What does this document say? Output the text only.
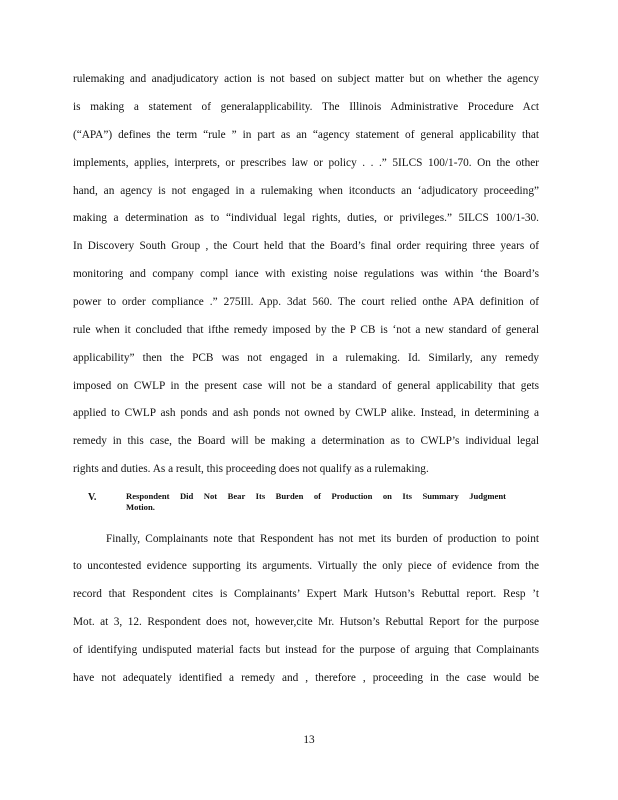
rulemaking and anadjudicatory action is not based on subject matter but on whether the agency
is making a statement of generalapplicability. The Illinois Administrative Procedure Act
(“APA”) defines the term “rule ” in part as an “agency statement of general applicability that
implements, applies, interprets, or prescribes law or policy . . .” 5ILCS 100/1-70. On the other
hand, an agency is not engaged in a rulemaking when itconducts an ‘adjudicatory proceeding”
making a determination as to “individual legal rights, duties, or privileges.” 5ILCS 100/1-30.
In Discovery South Group , the Court held that the Board’s final order requiring three years of
monitoring and company compl iance with existing noise regulations was within ‘the Board’s
power to order compliance .” 275Ill. App. 3dat 560. The court relied onthe APA definition of
rule when it concluded that ifthe remedy imposed by the P CB is ‘not a new standard of general
applicability” then the PCB was not engaged in a rulemaking. Id. Similarly, any remedy
imposed on CWLP in the present case will not be a standard of general applicability that gets
applied to CWLP ash ponds and ash ponds not owned by CWLP alike. Instead, in determining a
remedy in this case, the Board will be making a determination as to CWLP’s individual legal
rights and duties. As a result, this proceeding does not qualify as a rulemaking.
V.	Respondent Did Not Bear Its Burden of Production on Its Summary Judgment
Motion.
Finally, Complainants note that Respondent has not met its burden of production to point
to uncontested evidence supporting its arguments. Virtually the only piece of evidence from the
record that Respondent cites is Complainants’ Expert Mark Hutson’s Rebuttal report. Resp ’t
Mot. at 3, 12. Respondent does not, however,cite Mr. Hutson’s Rebuttal Report for the purpose
of identifying undisputed material facts but instead for the purpose of arguing that Complainants
have not adequately identified a remedy and , therefore , proceeding in the case would be
13
